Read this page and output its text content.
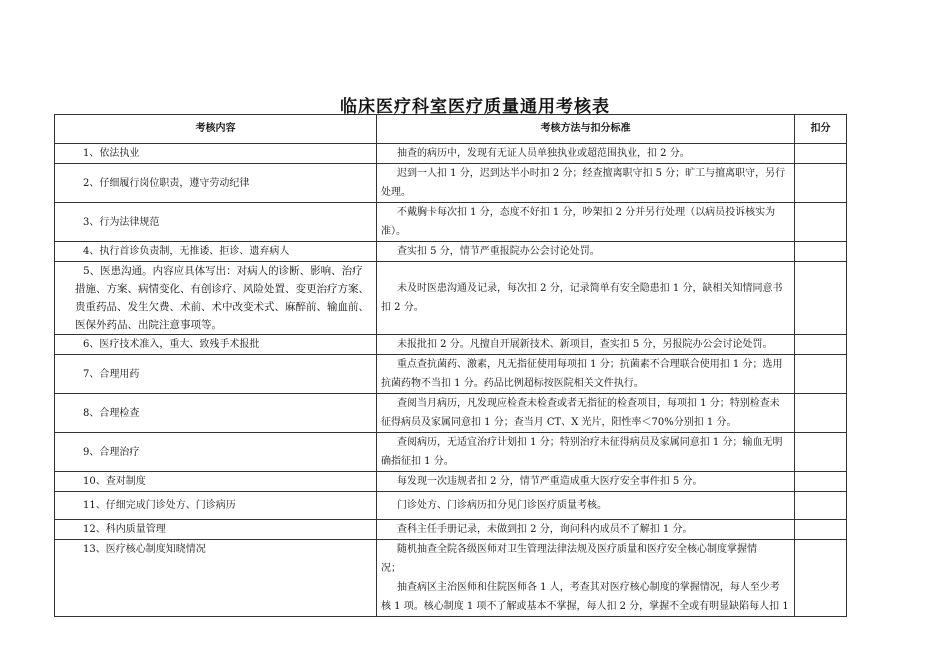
临床医疗科室医疗质量通用考核表
考核内容	考核方法与扣分标准	扣分
1、依法执业	抽查的病历中，发现有无证人员单独执业或超范围执业，扣 2 分。	

2、仔细履行岗位职责，遵守劳动纪律	迟到一人扣 1 分，迟到达半小时扣 2 分；经查擅离职守扣 5 分；旷工与擅离职守，另行

处理。	

3、行为法律规范	不戴胸卡每次扣 1 分，态度不好扣 1 分，吵架扣 2 分并另行处理（以病员投诉核实为

准）。	

4、执行首诊负责制，无推诿、拒诊、遗弃病人	查实扣 5 分，情节严重报院办公会讨论处罚。	

5、医患沟通。内容应具体写出：对病人的诊断、影响、治疗措施、方案、病情变化、有创诊疗、风险处置、变更治疗方案、贵重药品、发生欠费、术前、术中改变术式、麻醉前、输血前、医保外药品、出院注意事项等。	未及时医患沟通及记录，每次扣 2 分，记录简单有安全隐患扣 1 分，缺相关知情同意书

扣 2 分。	

6、医疗技术准入，重大、致残手术报批	未报批扣 2 分。凡擅自开展新技术、新项目，查实扣 5 分，另报院办公会讨论处罚。	

7、合理用药	重点查抗菌药、激素，凡无指征使用每项扣 1 分；抗菌素不合理联合使用扣 1 分；选用

抗菌药物不当扣 1 分。药品比例超标按医院相关文件执行。	

8、合理检查	查阅当月病历，凡发现应检查未检查或者无指征的检查项目，每项扣 1 分；特别检查未

征得病员及家属同意扣 1 分；查当月 CT、X 光片，阳性率＜70%分别扣 1 分。	

9、合理治疗	查阅病历，无适宜治疗计划扣 1 分；特别治疗未征得病员及家属同意扣 1 分；输血无明

确指征扣 1 分。	

10、查对制度	每发现一次违规者扣 2 分，情节严重造成重大医疗安全事件扣 5 分。	

11、仔细完成门诊处方、门诊病历	门诊处方、门诊病历扣分见门诊医疗质量考核。	

12、科内质量管理	查科主任手册记录，未做到扣 2 分，询问科内成员不了解扣 1 分。	

13、医疗核心制度知晓情况	随机抽查全院各级医师对卫生管理法律法规及医疗质量和医疗安全核心制度掌握情

况；

抽查病区主治医师和住院医师各 1 人，考查其对医疗核心制度的掌握情况，每人至少考

核 1 项。核心制度 1 项不了解或基本不掌握，每人扣 2 分，掌握不全或有明显缺陷每人扣 1	
